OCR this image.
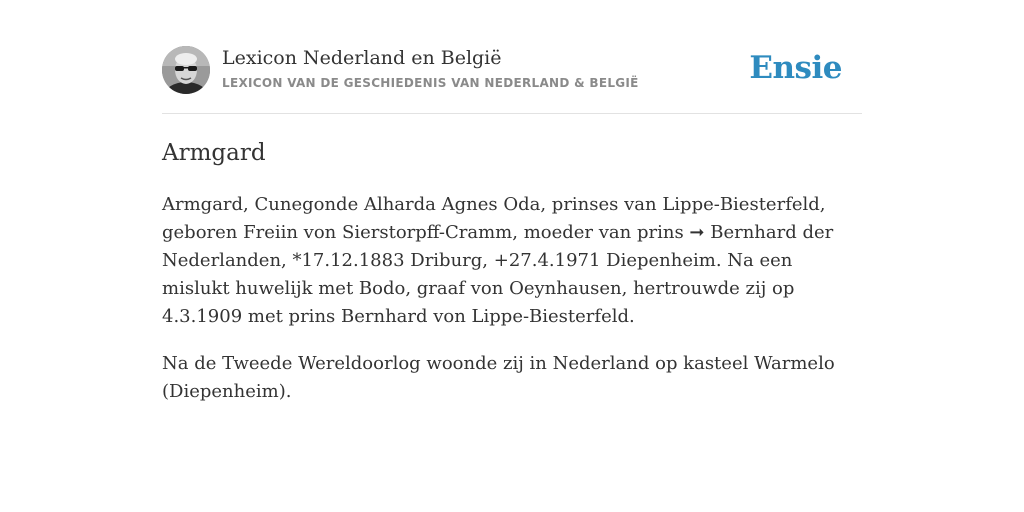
Lexicon Nederland en België
LEXICON VAN DE GESCHIEDENIS VAN NEDERLAND & BELGIË	Ensie
Armgard

Armgard, Cunegonde Alharda Agnes Oda, prinses van Lippe-Biesterfeld, geboren Freiin von Sierstorpff-Cramm, moeder van prins ➞ Bernhard der Nederlanden, *17.12.1883 Driburg, +27.4.1971 Diepenheim. Na een mislukt huwelijk met Bodo, graaf von Oeynhausen, hertrouwde zij op 4.3.1909 met prins Bernhard von Lippe-Biesterfeld.

Na de Tweede Wereldoorlog woonde zij in Nederland op kasteel Warmelo (Diepenheim).
